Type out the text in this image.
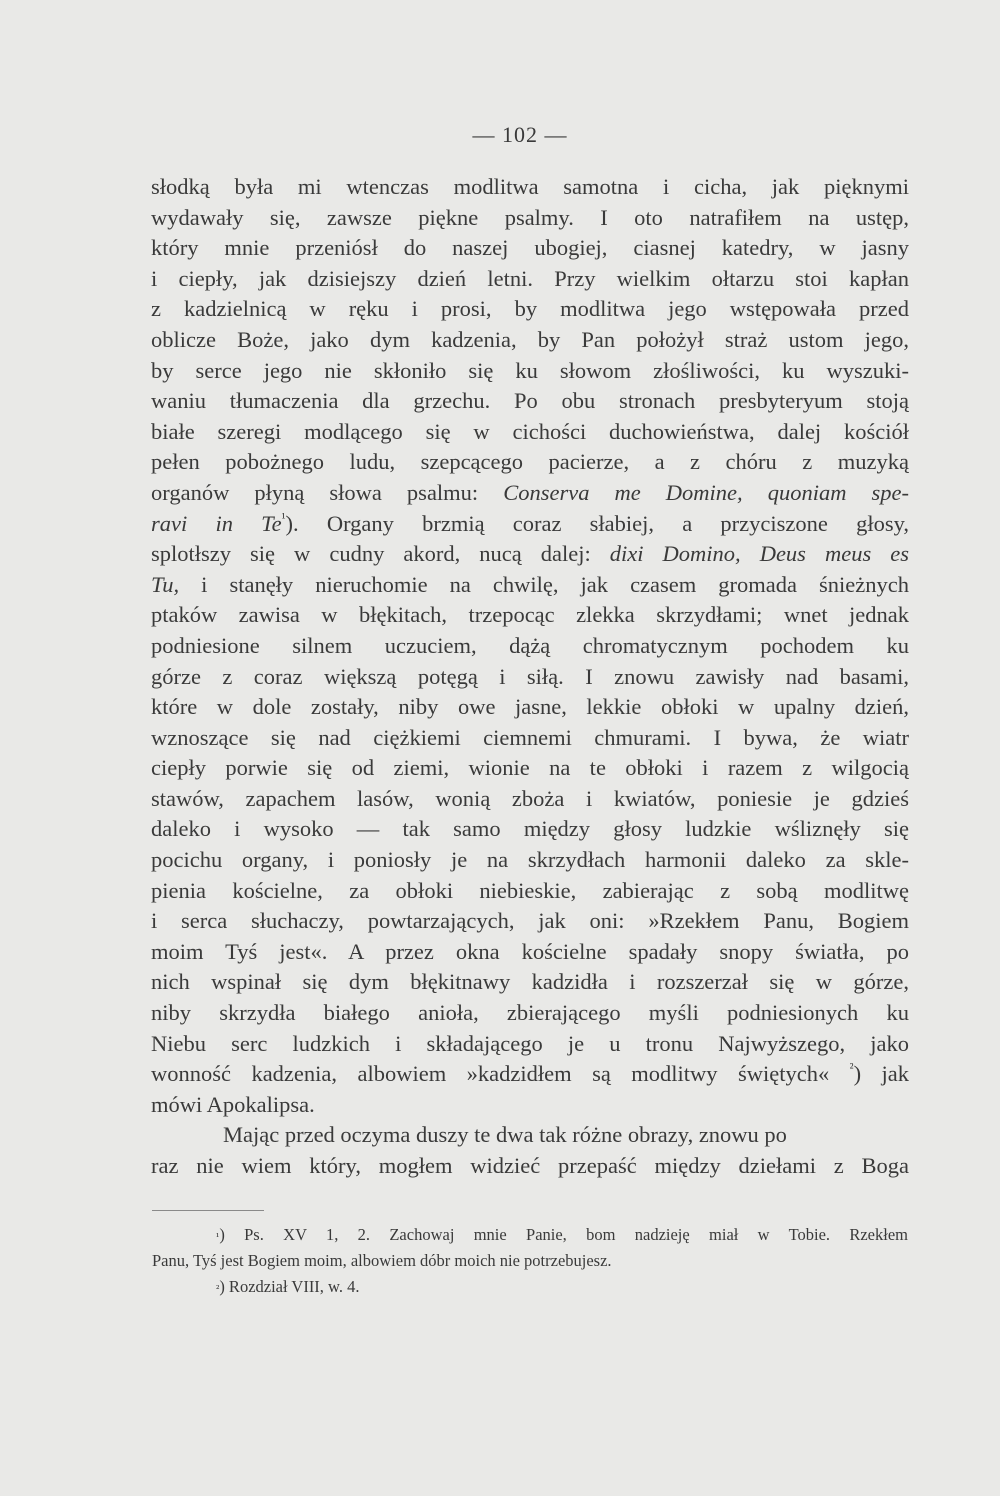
— 102 —
słodką była mi wtenczas modlitwa samotna i cicha, jak pięknymi
wydawały się, zawsze piękne psalmy. I oto natrafiłem na ustęp,
który mnie przeniósł do naszej ubogiej, ciasnej katedry, w jasny
i ciepły, jak dzisiejszy dzień letni. Przy wielkim ołtarzu stoi kapłan
z kadzielnicą w ręku i prosi, by modlitwa jego wstępowała przed
oblicze Boże, jako dym kadzenia, by Pan położył straż ustom jego,
by serce jego nie skłoniło się ku słowom złośliwości, ku wyszuki-
waniu tłumaczenia dla grzechu. Po obu stronach presbyteryum stoją
białe szeregi modlącego się w cichości duchowieństwa, dalej kościół
pełen pobożnego ludu, szepcącego pacierze, a z chóru z muzyką
organów płyną słowa psalmu: Conserva me Domine, quoniam spe-
ravi in Te$^{^1}$). Organy brzmią coraz słabiej, a przyciszone głosy,
splotłszy się w cudny akord, nucą dalej: dixi Domino, Deus meus es
Tu, i stanęły nieruchomie na chwilę, jak czasem gromada śnieżnych
ptaków zawisa w błękitach, trzepocąc zlekka skrzydłami; wnet jednak
podniesione silnem uczuciem, dążą chromatycznym pochodem ku
górze z coraz większą potęgą i siłą. I znowu zawisły nad basami,
które w dole zostały, niby owe jasne, lekkie obłoki w upalny dzień,
wznoszące się nad ciężkiemi ciemnemi chmurami. I bywa, że wiatr
ciepły porwie się od ziemi, wionie na te obłoki i razem z wilgocią
stawów, zapachem lasów, wonią zboża i kwiatów, poniesie je gdzieś
daleko i wysoko — tak samo między głosy ludzkie wśliznęły się
pocichu organy, i poniosły je na skrzydłach harmonii daleko za sklе-
pienia kościelne, za obłoki niebieskie, zabierając z sobą modlitwę
i serca słuchaczy, powtarzających, jak oni: »Rzekłem Panu, Bogiem
moim Tyś jest«. A przez okna kościelne spadały snopy światła, po
nich wspinał się dym błękitnawy kadzidła i rozszerzał się w górze,
niby skrzydła białego anioła, zbierającego myśli podniesionych ku
Niebu serc ludzkich i składającego je u tronu Najwyższego, jako
wonność kadzenia, albowiem »kadzidłem są modlitwy świętych« $^{^2}$) jak
mówi Apokalipsa.
Mając przed oczyma duszy te dwa tak różne obrazy, znowu po
raz nie wiem który, mogłem widzieć przepaść między dziełami z Boga
$^{^1}$) Ps. XV 1, 2. Zachowaj mnie Panie, bom nadzieję miał w Tobie. Rzekłem
Panu, Tyś jest Bogiem moim, albowiem dóbr moich nie potrzebujesz.
$^{^2}$) Rozdział VIII, w. 4.
